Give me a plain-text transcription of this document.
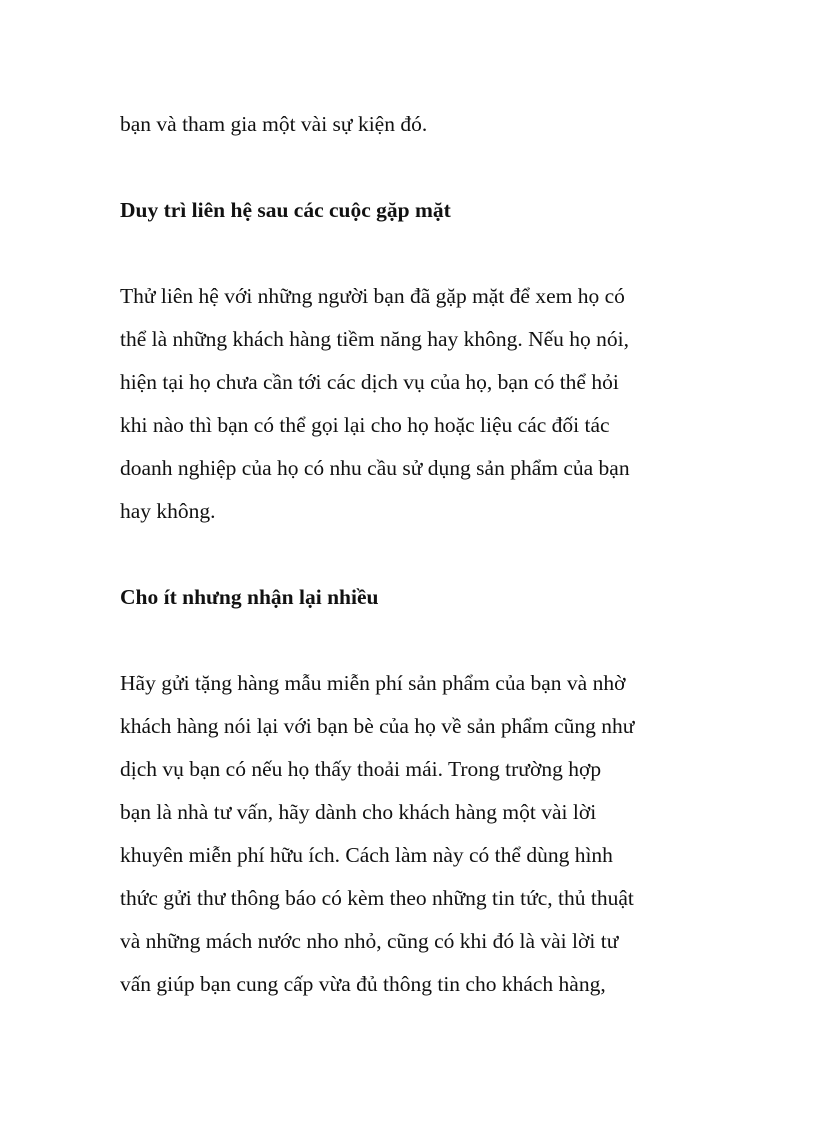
bạn và tham gia một vài sự kiện đó.
Duy trì liên hệ sau các cuộc gặp mặt
Thử liên hệ với những người bạn đã gặp mặt để xem họ có
thể là những khách hàng tiềm năng hay không. Nếu họ nói,
hiện tại họ chưa cần tới các dịch vụ của họ, bạn có thể hỏi
khi nào thì bạn có thể gọi lại cho họ hoặc liệu các đối tác
doanh nghiệp của họ có nhu cầu sử dụng sản phẩm của bạn
hay không.
Cho ít nhưng nhận lại nhiều
Hãy gửi tặng hàng mẫu miễn phí sản phẩm của bạn và nhờ
khách hàng nói lại với bạn bè của họ về sản phẩm cũng như
dịch vụ bạn có nếu họ thấy thoải mái. Trong trường hợp
bạn là nhà tư vấn, hãy dành cho khách hàng một vài lời
khuyên miễn phí hữu ích. Cách làm này có thể dùng hình
thức gửi thư thông báo có kèm theo những tin tức, thủ thuật
và những mách nước nho nhỏ, cũng có khi đó là vài lời tư
vấn giúp bạn cung cấp vừa đủ thông tin cho khách hàng,
